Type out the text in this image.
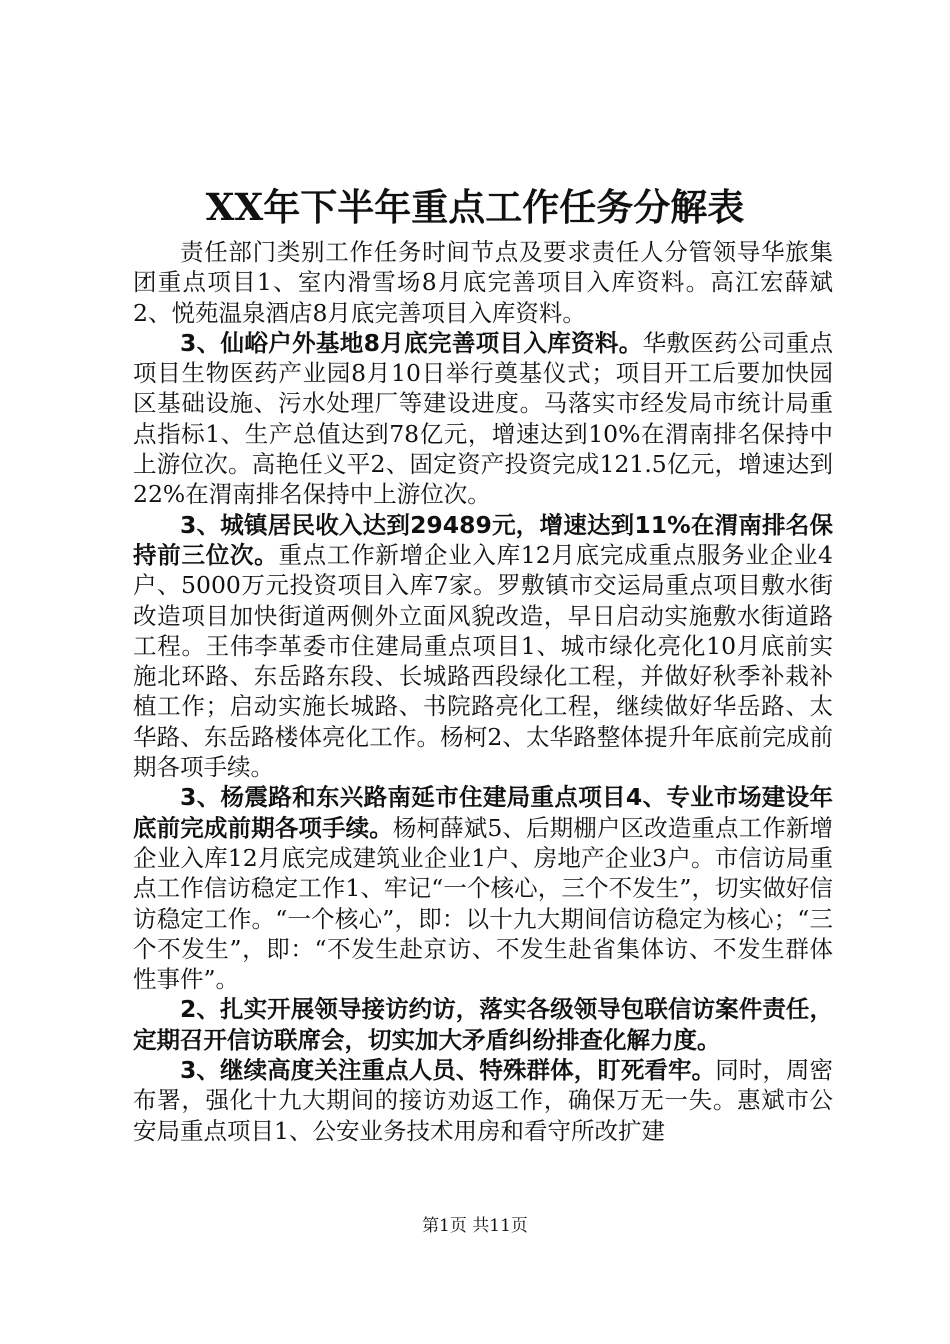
XX年下半年重点工作任务分解表

责任部门类别工作任务时间节点及要求责任人分管领导华旅集团重点项目1、室内滑雪场8月底完善项目入库资料。高江宏薛斌2、悦苑温泉酒店8月底完善项目入库资料。

3、仙峪户外基地8月底完善项目入库资料。华敷医药公司重点项目生物医药产业园8月10日举行奠基仪式；项目开工后要加快园区基础设施、污水处理厂等建设进度。马落实市经发局市统计局重点指标1、生产总值达到78亿元，增速达到10%在渭南排名保持中上游位次。高艳任义平2、固定资产投资完成121.5亿元，增速达到22%在渭南排名保持中上游位次。

3、城镇居民收入达到29489元，增速达到11%在渭南排名保持前三位次。重点工作新增企业入库12月底完成重点服务业企业4户、5000万元投资项目入库7家。罗敷镇市交运局重点项目敷水街改造项目加快街道两侧外立面风貌改造，早日启动实施敷水街道路工程。王伟李革委市住建局重点项目1、城市绿化亮化10月底前实施北环路、东岳路东段、长城路西段绿化工程，并做好秋季补栽补植工作；启动实施长城路、书院路亮化工程，继续做好华岳路、太华路、东岳路楼体亮化工作。杨柯2、太华路整体提升年底前完成前期各项手续。

3、杨震路和东兴路南延市住建局重点项目4、专业市场建设年底前完成前期各项手续。杨柯薛斌5、后期棚户区改造重点工作新增企业入库12月底完成建筑业企业1户、房地产企业3户。市信访局重点工作信访稳定工作1、牢记“一个核心，三个不发生”，切实做好信访稳定工作。“一个核心”，即：以十九大期间信访稳定为核心；“三个不发生”，即：“不发生赴京访、不发生赴省集体访、不发生群体性事件”。

2、扎实开展领导接访约访，落实各级领导包联信访案件责任，定期召开信访联席会，切实加大矛盾纠纷排查化解力度。

3、继续高度关注重点人员、特殊群体，盯死看牢。同时，周密布署，强化十九大期间的接访劝返工作，确保万无一失。惠斌市公安局重点项目1、公安业务技术用房和看守所改扩建

第1页 共11页
